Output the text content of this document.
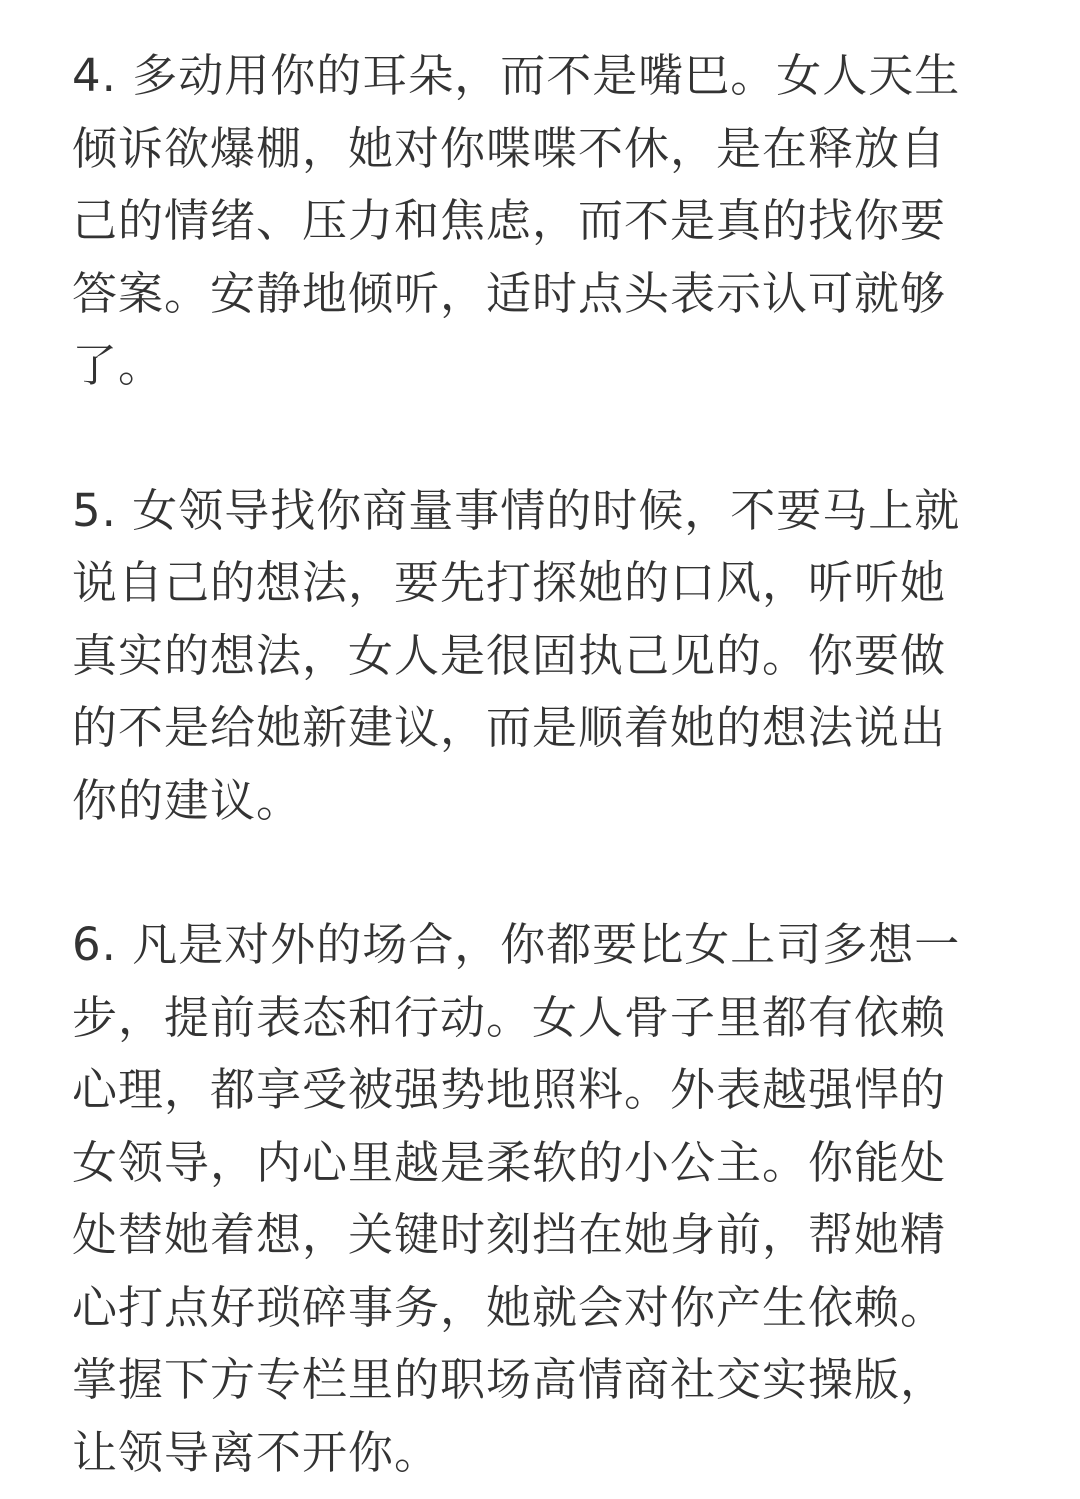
4. 多动用你的耳朵，而不是嘴巴。女人天生
倾诉欲爆棚，她对你喋喋不休，是在释放自
己的情绪、压力和焦虑，而不是真的找你要
答案。安静地倾听，适时点头表示认可就够
了。

5. 女领导找你商量事情的时候，不要马上就
说自己的想法，要先打探她的口风，听听她
真实的想法，女人是很固执己见的。你要做
的不是给她新建议，而是顺着她的想法说出
你的建议。

6. 凡是对外的场合，你都要比女上司多想一
步，提前表态和行动。女人骨子里都有依赖
心理，都享受被强势地照料。外表越强悍的
女领导，内心里越是柔软的小公主。你能处
处替她着想，关键时刻挡在她身前，帮她精
心打点好琐碎事务，她就会对你产生依赖。
掌握下方专栏里的职场高情商社交实操版，
让领导离不开你。
